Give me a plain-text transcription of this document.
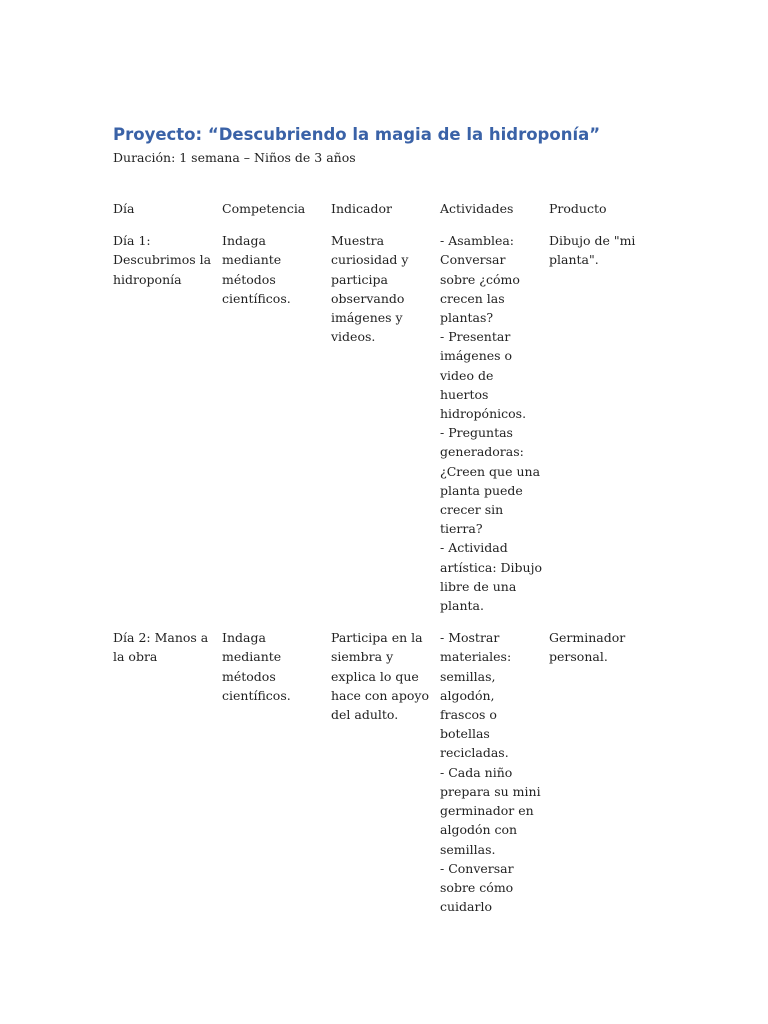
Proyecto: “Descubriendo la magia de la hidroponía”

Duración: 1 semana – Niños de 3 años

Día	Competencia	Indicador	Actividades	Producto
Día 1: Descubrimos la hidroponía	Indaga mediante métodos científicos.	Muestra curiosidad y participa observando imágenes y videos.	- Asamblea: Conversar sobre ¿cómo crecen las plantas?
- Presentar imágenes o video de huertos hidropónicos.
- Preguntas generadoras: ¿Creen que una planta puede crecer sin tierra?
- Actividad artística: Dibujo libre de una planta.	Dibujo de "mi planta".
Día 2: Manos a la obra	Indaga mediante métodos científicos.	Participa en la siembra y explica lo que hace con apoyo del adulto.	- Mostrar materiales: semillas, algodón, frascos o botellas recicladas.
- Cada niño prepara su mini germinador en algodón con semillas.
- Conversar sobre cómo cuidarlo	Germinador personal.
